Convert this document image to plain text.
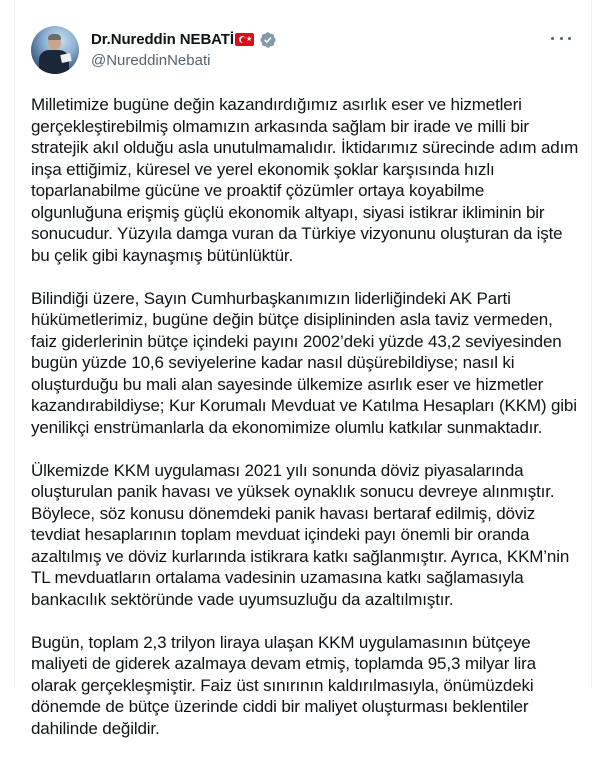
Dr.Nureddin NEBATİ ★
@NureddinNebati

Milletimize bugüne değin kazandırdığımız asırlık eser ve hizmetleri gerçekleştirebilmiş olmamızın arkasında sağlam bir irade ve milli bir stratejik akıl olduğu asla unutulmamalıdır. İktidarımız sürecinde adım adım inşa ettiğimiz, küresel ve yerel ekonomik şoklar karşısında hızlı toparlanabilme gücüne ve proaktif çözümler ortaya koyabilme olgunluğuna erişmiş güçlü ekonomik altyapı, siyasi istikrar ikliminin bir sonucudur. Yüzyıla damga vuran da Türkiye vizyonunu oluşturan da işte bu çelik gibi kaynaşmış bütünlüktür.

Bilindiği üzere, Sayın Cumhurbaşkanımızın liderliğindeki AK Parti hükümetlerimiz, bugüne değin bütçe disiplininden asla taviz vermeden, faiz giderlerinin bütçe içindeki payını 2002’deki yüzde 43,2 seviyesinden bugün yüzde 10,6 seviyelerine kadar nasıl düşürebildiyse; nasıl ki oluşturduğu bu mali alan sayesinde ülkemize asırlık eser ve hizmetler kazandırabildiyse; Kur Korumalı Mevduat ve Katılma Hesapları (KKM) gibi yenilikçi enstrümanlarla da ekonomimize olumlu katkılar sunmaktadır.

Ülkemizde KKM uygulaması 2021 yılı sonunda döviz piyasalarında oluşturulan panik havası ve yüksek oynaklık sonucu devreye alınmıştır. Böylece, söz konusu dönemdeki panik havası bertaraf edilmiş, döviz tevdiat hesaplarının toplam mevduat içindeki payı önemli bir oranda azaltılmış ve döviz kurlarında istikrara katkı sağlanmıştır. Ayrıca, KKM’nin TL mevduatların ortalama vadesinin uzamasına katkı sağlamasıyla bankacılık sektöründe vade uyumsuzluğu da azaltılmıştır.

Bugün, toplam 2,3 trilyon liraya ulaşan KKM uygulamasının bütçeye maliyeti de giderek azalmaya devam etmiş, toplamda 95,3 milyar lira olarak gerçekleşmiştir. Faiz üst sınırının kaldırılmasıyla, önümüzdeki dönemde de bütçe üzerinde ciddi bir maliyet oluşturması beklentiler dahilinde değildir.
